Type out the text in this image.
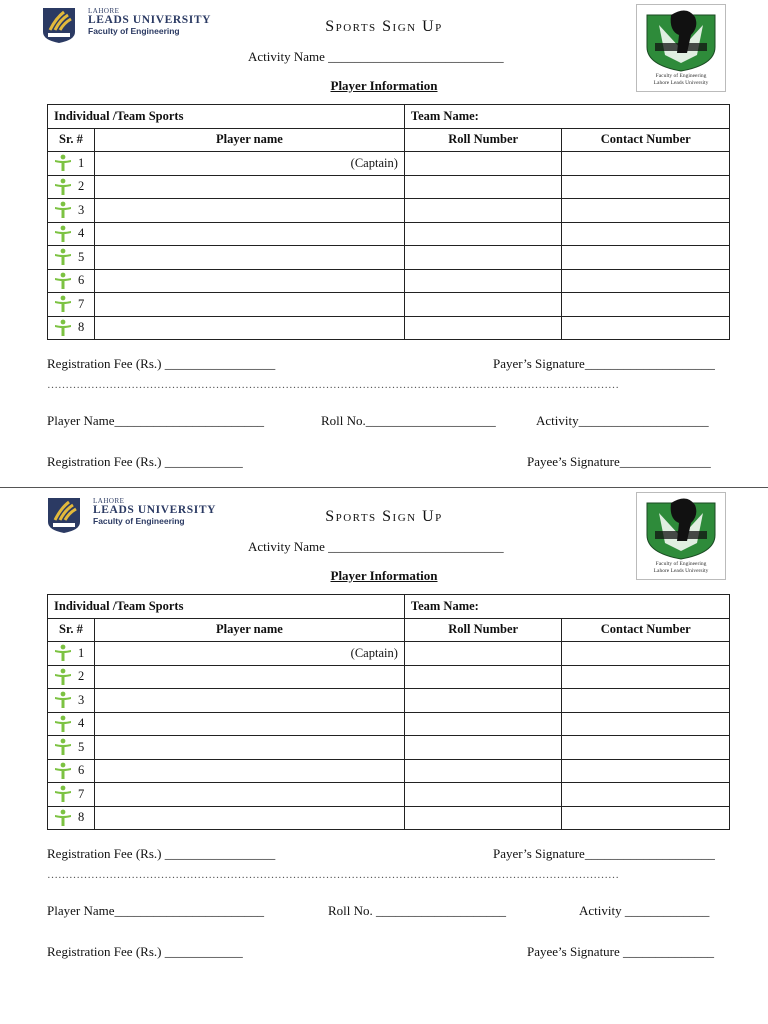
LAHORE
LEADS UNIVERSITY
Faculty of Engineering	Sports Sign Up
Faculty of Engineering
Lahore Leads University
Activity Name ___________________________
Player Information
Individual /Team Sports		Team Name:	
Sr. #	Player name	Roll Number	Contact Number

1	(Captain)		

2			

3			

4			

5			

6			

7			

8			
Registration Fee (Rs.) _________________	Payer’s Signature____________________
…………………………………………………………………………………………………………………………………………
Player Name_______________________	Roll No.____________________	Activity____________________
Registration Fee (Rs.) ____________	Payee’s Signature______________
LAHORE
LEADS UNIVERSITY
Faculty of Engineering	Sports Sign Up
Faculty of Engineering
Lahore Leads University
Activity Name ___________________________
Player Information
Individual /Team Sports		Team Name:	
Sr. #	Player name	Roll Number	Contact Number

1	(Captain)		

2			

3			

4			

5			

6			

7			

8			
Registration Fee (Rs.) _________________	Payer’s Signature____________________
…………………………………………………………………………………………………………………………………………
Player Name_______________________	Roll No. ____________________	Activity _____________
Registration Fee (Rs.) ____________	Payee’s Signature ______________
